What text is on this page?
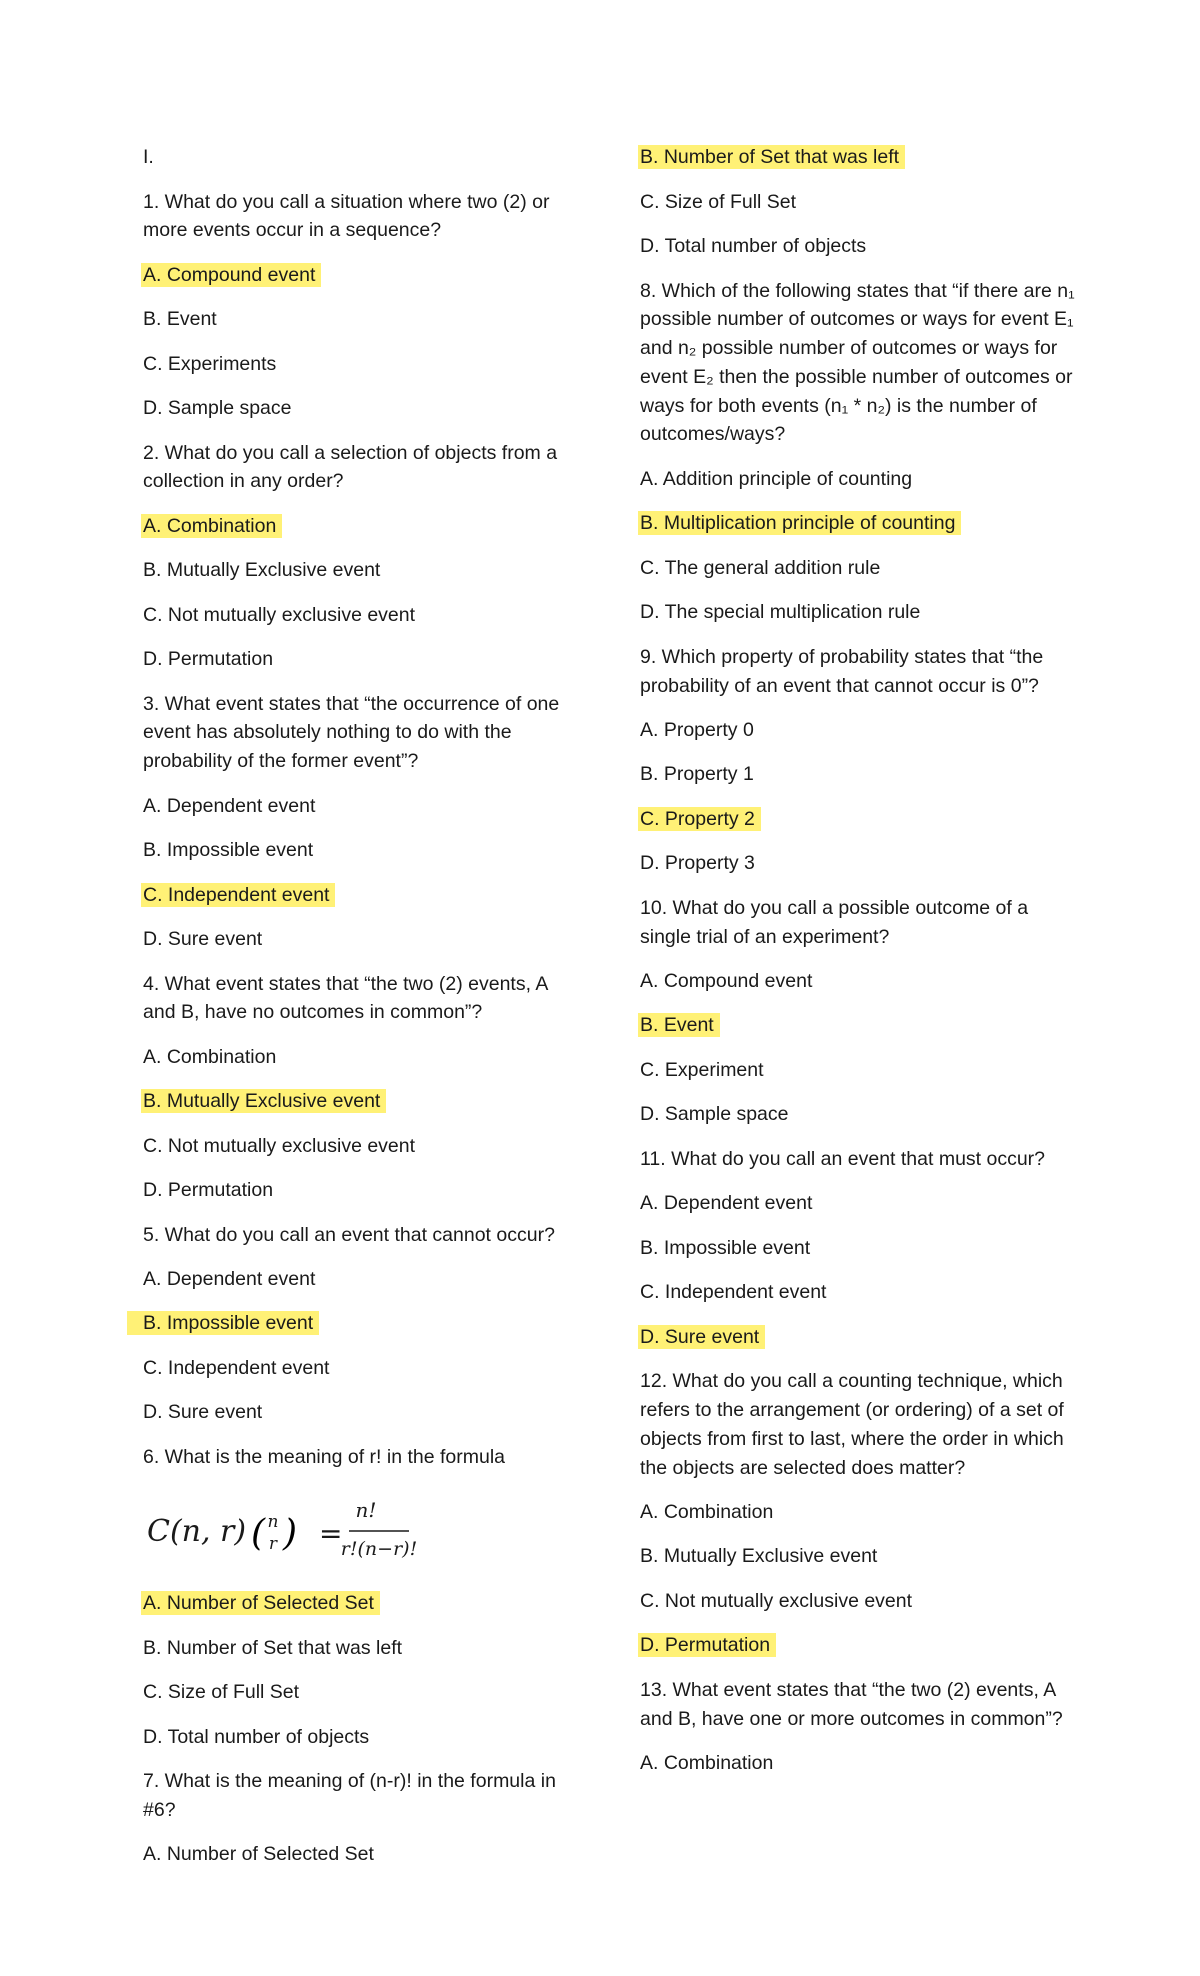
I.

1. What do you call a situation where two (2) or more events occur in a sequence?

A. Compound event

B. Event

C. Experiments

D. Sample space

2. What do you call a selection of objects from a collection in any order?

A. Combination

B. Mutually Exclusive event

C. Not mutually exclusive event

D. Permutation

3. What event states that “the occurrence of one event has absolutely nothing to do with the probability of the former event”?

A. Dependent event

B. Impossible event

C. Independent event

D. Sure event

4. What event states that “the two (2) events, A and B, have no outcomes in common”?

A. Combination

B. Mutually Exclusive event

C. Not mutually exclusive event

D. Permutation

5. What do you call an event that cannot occur?

A. Dependent event

B. Impossible event

C. Independent event

D. Sure event

6. What is the meaning of r! in the formula

C(n, r) ( n
r ) =
n!
r!(n−r)!

A. Number of Selected Set

B. Number of Set that was left

C. Size of Full Set

D. Total number of objects

7. What is the meaning of (n-r)! in the formula in #6?

A. Number of Selected Set

B. Number of Set that was left

C. Size of Full Set

D. Total number of objects

8. Which of the following states that “if there are n₁ possible number of outcomes or ways for event E₁ and n₂ possible number of outcomes or ways for event E₂ then the possible number of outcomes or ways for both events (n₁ * n₂) is the number of outcomes/ways?

A. Addition principle of counting

B. Multiplication principle of counting

C. The general addition rule

D. The special multiplication rule

9. Which property of probability states that “the probability of an event that cannot occur is 0”?

A. Property 0

B. Property 1

C. Property 2

D. Property 3

10. What do you call a possible outcome of a single trial of an experiment?

A. Compound event

B. Event

C. Experiment

D. Sample space

11. What do you call an event that must occur?

A. Dependent event

B. Impossible event

C. Independent event

D. Sure event

12. What do you call a counting technique, which refers to the arrangement (or ordering) of a set of objects from first to last, where the order in which the objects are selected does matter?

A. Combination

B. Mutually Exclusive event

C. Not mutually exclusive event

D. Permutation

13. What event states that “the two (2) events, A and B, have one or more outcomes in common”?

A. Combination
